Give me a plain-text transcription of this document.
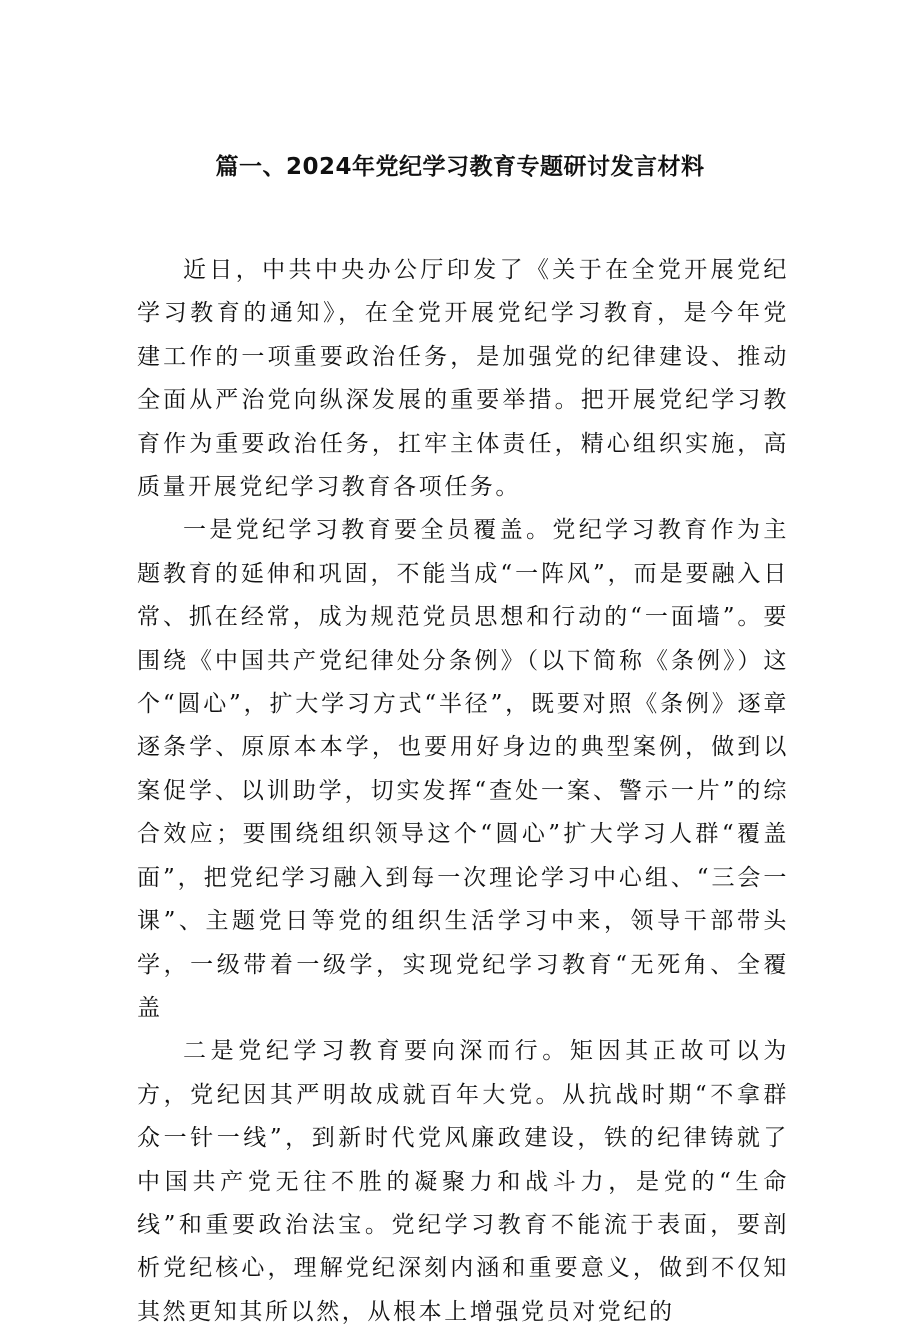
篇一、2024年党纪学习教育专题研讨发言材料

近日，中共中央办公厅印发了《关于在全党开展党纪学习教育的通知》，在全党开展党纪学习教育，是今年党建工作的一项重要政治任务，是加强党的纪律建设、推动全面从严治党向纵深发展的重要举措。把开展党纪学习教育作为重要政治任务，扛牢主体责任，精心组织实施，高质量开展党纪学习教育各项任务。

一是党纪学习教育要全员覆盖。党纪学习教育作为主题教育的延伸和巩固，不能当成“一阵风”，而是要融入日常、抓在经常，成为规范党员思想和行动的“一面墙”。要围绕《中国共产党纪律处分条例》（以下简称《条例》）这个“圆心”，扩大学习方式“半径”，既要对照《条例》逐章逐条学、原原本本学，也要用好身边的典型案例，做到以案促学、以训助学，切实发挥“查处一案、警示一片”的综合效应；要围绕组织领导这个“圆心”扩大学习人群“覆盖面”，把党纪学习融入到每一次理论学习中心组、“三会一课”、主题党日等党的组织生活学习中来，领导干部带头学，一级带着一级学，实现党纪学习教育“无死角、全覆盖

二是党纪学习教育要向深而行。矩因其正故可以为方，党纪因其严明故成就百年大党。从抗战时期“不拿群众一针一线”，到新时代党风廉政建设，铁的纪律铸就了中国共产党无往不胜的凝聚力和战斗力，是党的“生命线”和重要政治法宝。党纪学习教育不能流于表面，要剖析党纪核心，理解党纪深刻内涵和重要意义，做到不仅知其然更知其所以然，从根本上增强党员对党纪的
